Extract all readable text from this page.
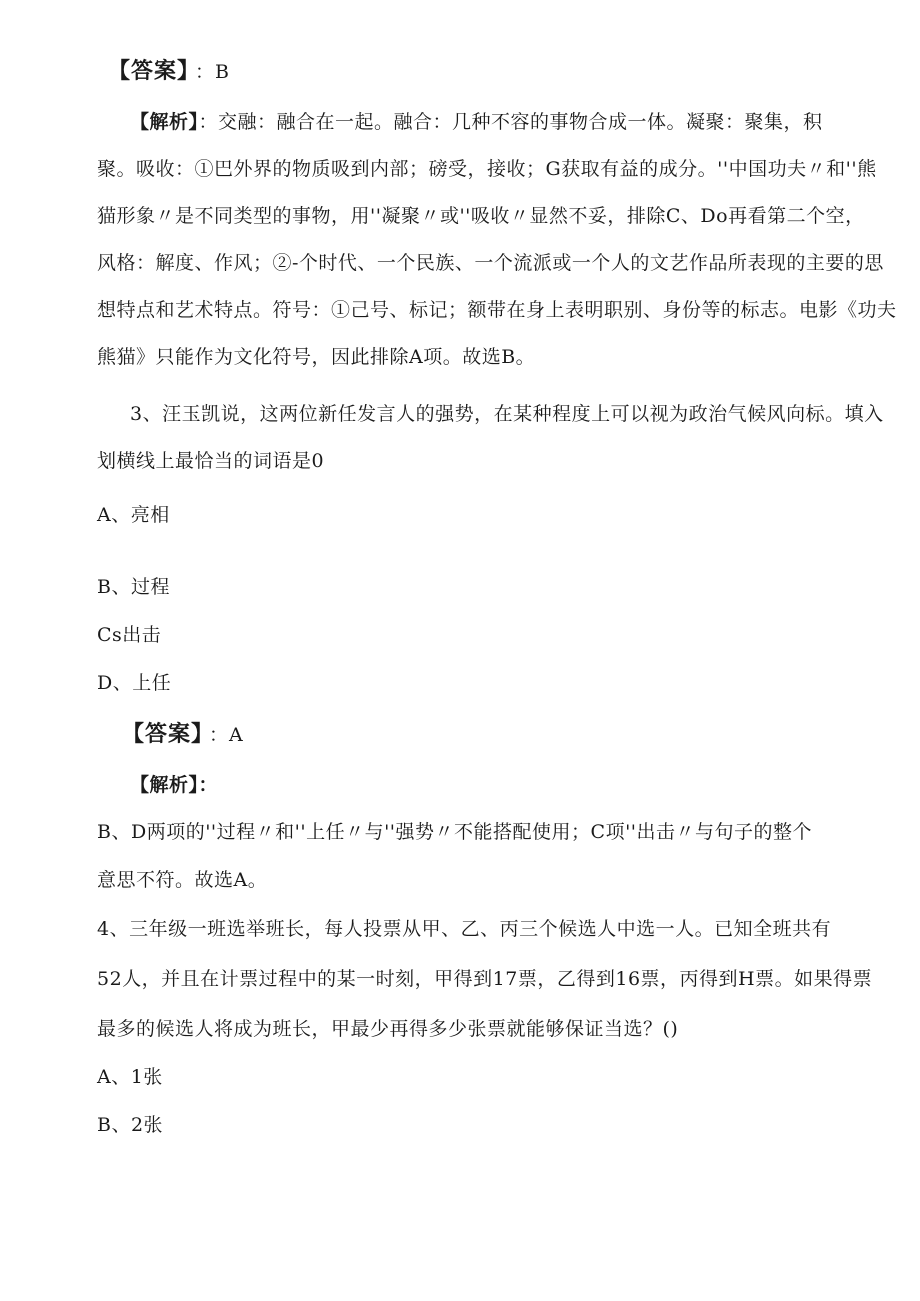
【答案】 ：B
【解析】：交融：融合在一起。融合：几种不容的事物合成一体。凝聚：聚集，积
聚。吸收：①巴外界的物质吸到内部；磅受，接收；G获取有益的成分。''中国功夫〃和''熊
猫形象〃是不同类型的事物，用''凝聚〃或''吸收〃显然不妥，排除C、Do再看第二个空，
风格：解度、作风；②-个时代、一个民族、一个流派或一个人的文艺作品所表现的主要的思
想特点和艺术特点。符号：①己号、标记；额带在身上表明职别、身份等的标志。电影《功夫
熊猫》只能作为文化符号，因此排除A项。故选B。
3、汪玉凯说，这两位新任发言人的强势，在某种程度上可以视为政治气候风向标。填入
划横线上最恰当的词语是0
A、亮相
B、过程
Cs出击
D、上任
【答案】 ：A
【解析】：
B、D两项的''过程〃和''上任〃与''强势〃不能搭配使用；C项''出击〃与句子的整个
意思不符。故选A。
4、三年级一班选举班长，每人投票从甲、乙、丙三个候选人中选一人。已知全班共有
52人，并且在计票过程中的某一时刻，甲得到17票，乙得到16票，丙得到H票。如果得票
最多的候选人将成为班长，甲最少再得多少张票就能够保证当选？()
A、1张
B、2张
